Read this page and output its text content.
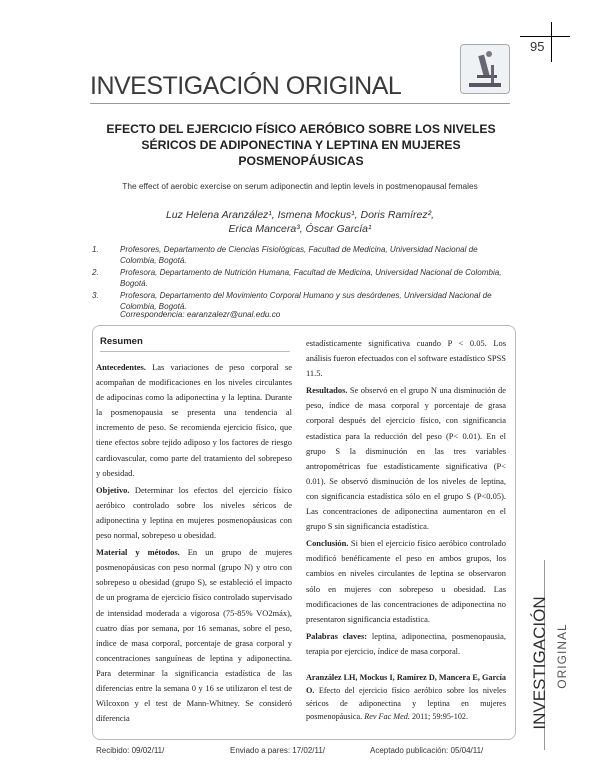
95
INVESTIGACIÓN ORIGINAL
EFECTO DEL EJERCICIO FÍSICO AERÓBICO SOBRE LOS NIVELES SÉRICOS DE ADIPONECTINA Y LEPTINA EN MUJERES POSMENOPÁUSICAS
The effect of aerobic exercise on serum adiponectin and leptin levels in postmenopausal females
Luz Helena Aranzález¹, Ismena Mockus¹, Doris Ramírez²,
Erica Mancera³, Óscar García¹
1.	Profesores, Departamento de Ciencias Fisiológicas, Facultad de Medicina, Universidad Nacional de Colombia, Bogotá.
2.	Profesora, Departamento de Nutrición Humana, Facultad de Medicina, Universidad Nacional de Colombia, Bogotá.
3.	Profesora, Departamento del Movimiento Corporal Humano y sus desórdenes, Universidad Nacional de Colombia, Bogotá.
Correspondencia: earanzalezr@unal.edu.co
Resumen

Antecedentes. Las variaciones de peso corporal se acompañan de modificaciones en los niveles circulantes de adipocinas como la adiponectina y la leptina. Durante la posmenopausia se presenta una tendencia al incremento de peso. Se recomienda ejercicio físico, que tiene efectos sobre tejido adiposo y los factores de riesgo cardiovascular, como parte del tratamiento del sobrepeso y obesidad.

Objetivo. Determinar los efectos del ejercicio físico aeróbico controlado sobre los niveles séricos de adiponectina y leptina en mujeres posmenopáusicas con peso normal, sobrepeso u obesidad.

Material y métodos. En un grupo de mujeres posmenopáusicas con peso normal (grupo N) y otro con sobrepeso u obesidad (grupo S), se estableció el impacto de un programa de ejercicio físico controlado supervisado de intensidad moderada a vigorosa (75-85% VO2máx), cuatro días por semana, por 16 semanas, sobre el peso, índice de masa corporal, porcentaje de grasa corporal y concentraciones sanguíneas de leptina y adiponectina. Para determinar la significancia estadística de las diferencias entre la semana 0 y 16 se utilizaron el test de Wilcoxon y el test de Mann-Whitney. Se consideró diferencia

estadísticamente significativa cuando P < 0.05. Los análisis fueron efectuados con el software estadístico SPSS 11.5.

Resultados. Se observó en el grupo N una disminución de peso, índice de masa corporal y porcentaje de grasa corporal después del ejercicio físico, con significancia estadística para la reducción del peso (P< 0.01). En el grupo S la disminución en las tres variables antropométricas fue estadísticamente significativa (P< 0.01). Se observó disminución de los niveles de leptina, con significancia estadística sólo en el grupo S (P<0.05). Las concentraciones de adiponectina aumentaron en el grupo S sin significancia estadística.

Conclusión. Si bien el ejercicio físico aeróbico controlado modificó benéficamente el peso en ambos grupos, los cambios en niveles circulantes de leptina se observaron sólo en mujeres con sobrepeso u obesidad. Las modificaciones de las concentraciones de adiponectina no presentaron significancia estadística.

Palabras claves: leptina, adiponectina, posmenopausia, terapia por ejercicio, índice de masa corporal.

Aranzález LH, Mockus I, Ramírez D, Mancera E, García O. Efecto del ejercicio físico aeróbico sobre los niveles séricos de adiponectina y leptina en mujeres posmenopáusica. Rev Fac Med. 2011; 59:95-102.
Recibido: 09/02/11/	Enviado a pares: 17/02/11/	Aceptado publicación: 05/04/11/
INVESTIGACIÓN ORIGINAL
